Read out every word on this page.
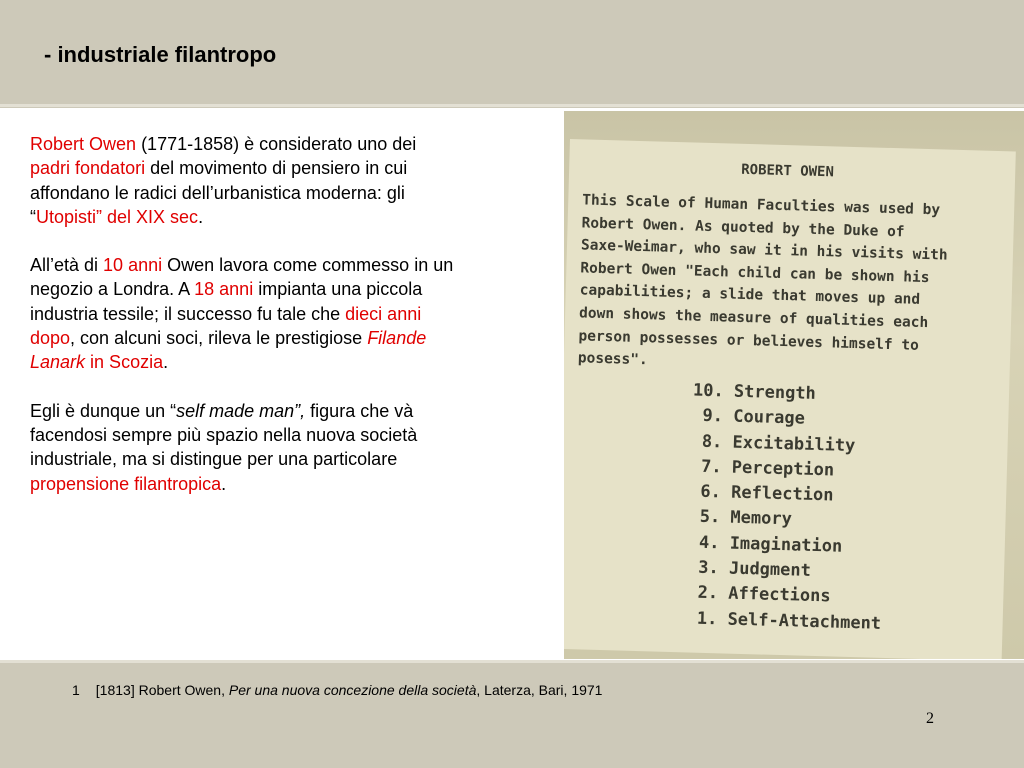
- industriale filantropo

Robert Owen (1771-1858) è considerato uno dei padri fondatori del movimento di pensiero in cui affondano le radici dell’urbanistica moderna: gli “Utopisti” del XIX sec.

All’età di 10 anni Owen lavora come commesso in un negozio a Londra. A 18 anni impianta una piccola industria tessile; il successo fu tale che dieci anni dopo, con alcuni soci, rileva le prestigiose Filande Lanark in Scozia.

Egli è dunque un “self made man”, figura che và facendosi sempre più spazio nella nuova società industriale, ma si distingue per una particolare propensione filantropica.

ROBERT OWEN
This Scale of Human Faculties was used by
Robert Owen. As quoted by the Duke of
Saxe-Weimar, who saw it in his visits with
Robert Owen "Each child can be shown his
capabilities; a slide that moves up and
down shows the measure of qualities each
person possesses or believes himself to
posess".
10. Strength
9. Courage
8. Excitability
7. Perception
6. Reflection
5. Memory
4. Imagination
3. Judgment
2. Affections
1. Self-Attachment
1 [1813] Robert Owen, Per una nuova concezione della società, Laterza, Bari, 1971
2
